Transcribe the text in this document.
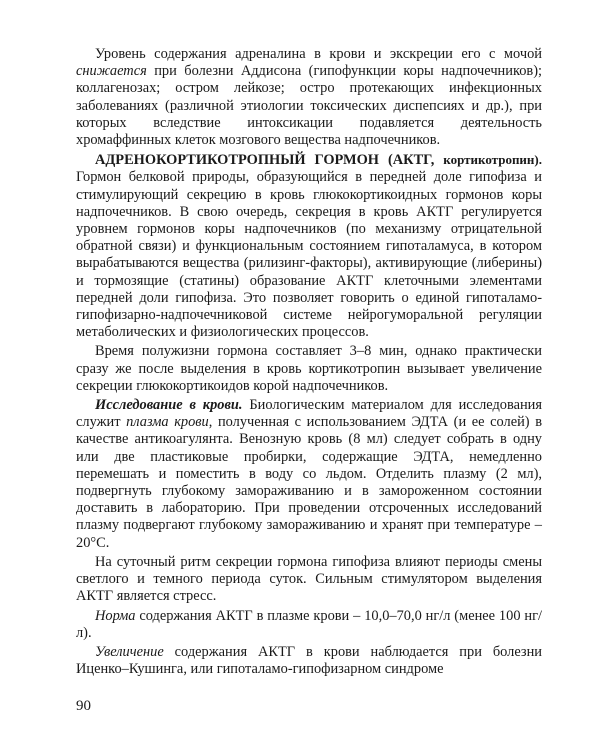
Уровень содержания адреналина в крови и экскреции его с мочой снижается при болезни Аддисона (гипофункции коры надпочечников); коллагенозах; остром лейкозе; остро протекающих инфекционных заболеваниях (различной этиологии токсических диспепсиях и др.), при которых вследствие интоксикации подавляется деятельность хромаффинных клеток мозгового вещества надпочечников.

АДРЕНОКОРТИКОТРОПНЫЙ ГОРМОН (АКТГ, кортикотропин). Гормон белковой природы, образующийся в передней доле гипофиза и стимулирующий секрецию в кровь глюкокортикоидных гормонов коры надпочечников. В свою очередь, секреция в кровь АКТГ регулируется уровнем гормонов коры надпочечников (по механизму отрицательной обратной связи) и функциональным состоянием гипоталамуса, в котором вырабатываются вещества (рилизинг-факторы), активирующие (либерины) и тормозящие (статины) образование АКТГ клеточными элементами передней доли гипофиза. Это позволяет говорить о единой гипоталамо-гипофизарно-надпочечниковой системе нейрогуморальной регуляции метаболических и физиологических процессов.

Время полужизни гормона составляет 3–8 мин, однако практически сразу же после выделения в кровь кортикотропин вызывает увеличение секреции глюкокортикоидов корой надпочечников.

Исследование в крови. Биологическим материалом для исследования служит плазма крови, полученная с использованием ЭДТА (и ее солей) в качестве антикоагулянта. Венозную кровь (8 мл) следует собрать в одну или две пластиковые пробирки, содержащие ЭДТА, немедленно перемешать и поместить в воду со льдом. Отделить плазму (2 мл), подвергнуть глубокому замораживанию и в замороженном состоянии доставить в лабораторию. При проведении отсроченных исследований плазму подвергают глубокому замораживанию и хранят при температуре –20°С.

На суточный ритм секреции гормона гипофиза влияют периоды смены светлого и темного периода суток. Сильным стимулятором выделения АКТГ является стресс.

Норма содержания АКТГ в плазме крови – 10,0–70,0 нг/л (менее 100 нг/л).

Увеличение содержания АКТГ в крови наблюдается при болезни Иценко–Кушинга, или гипоталамо-гипофизарном синдроме

90
